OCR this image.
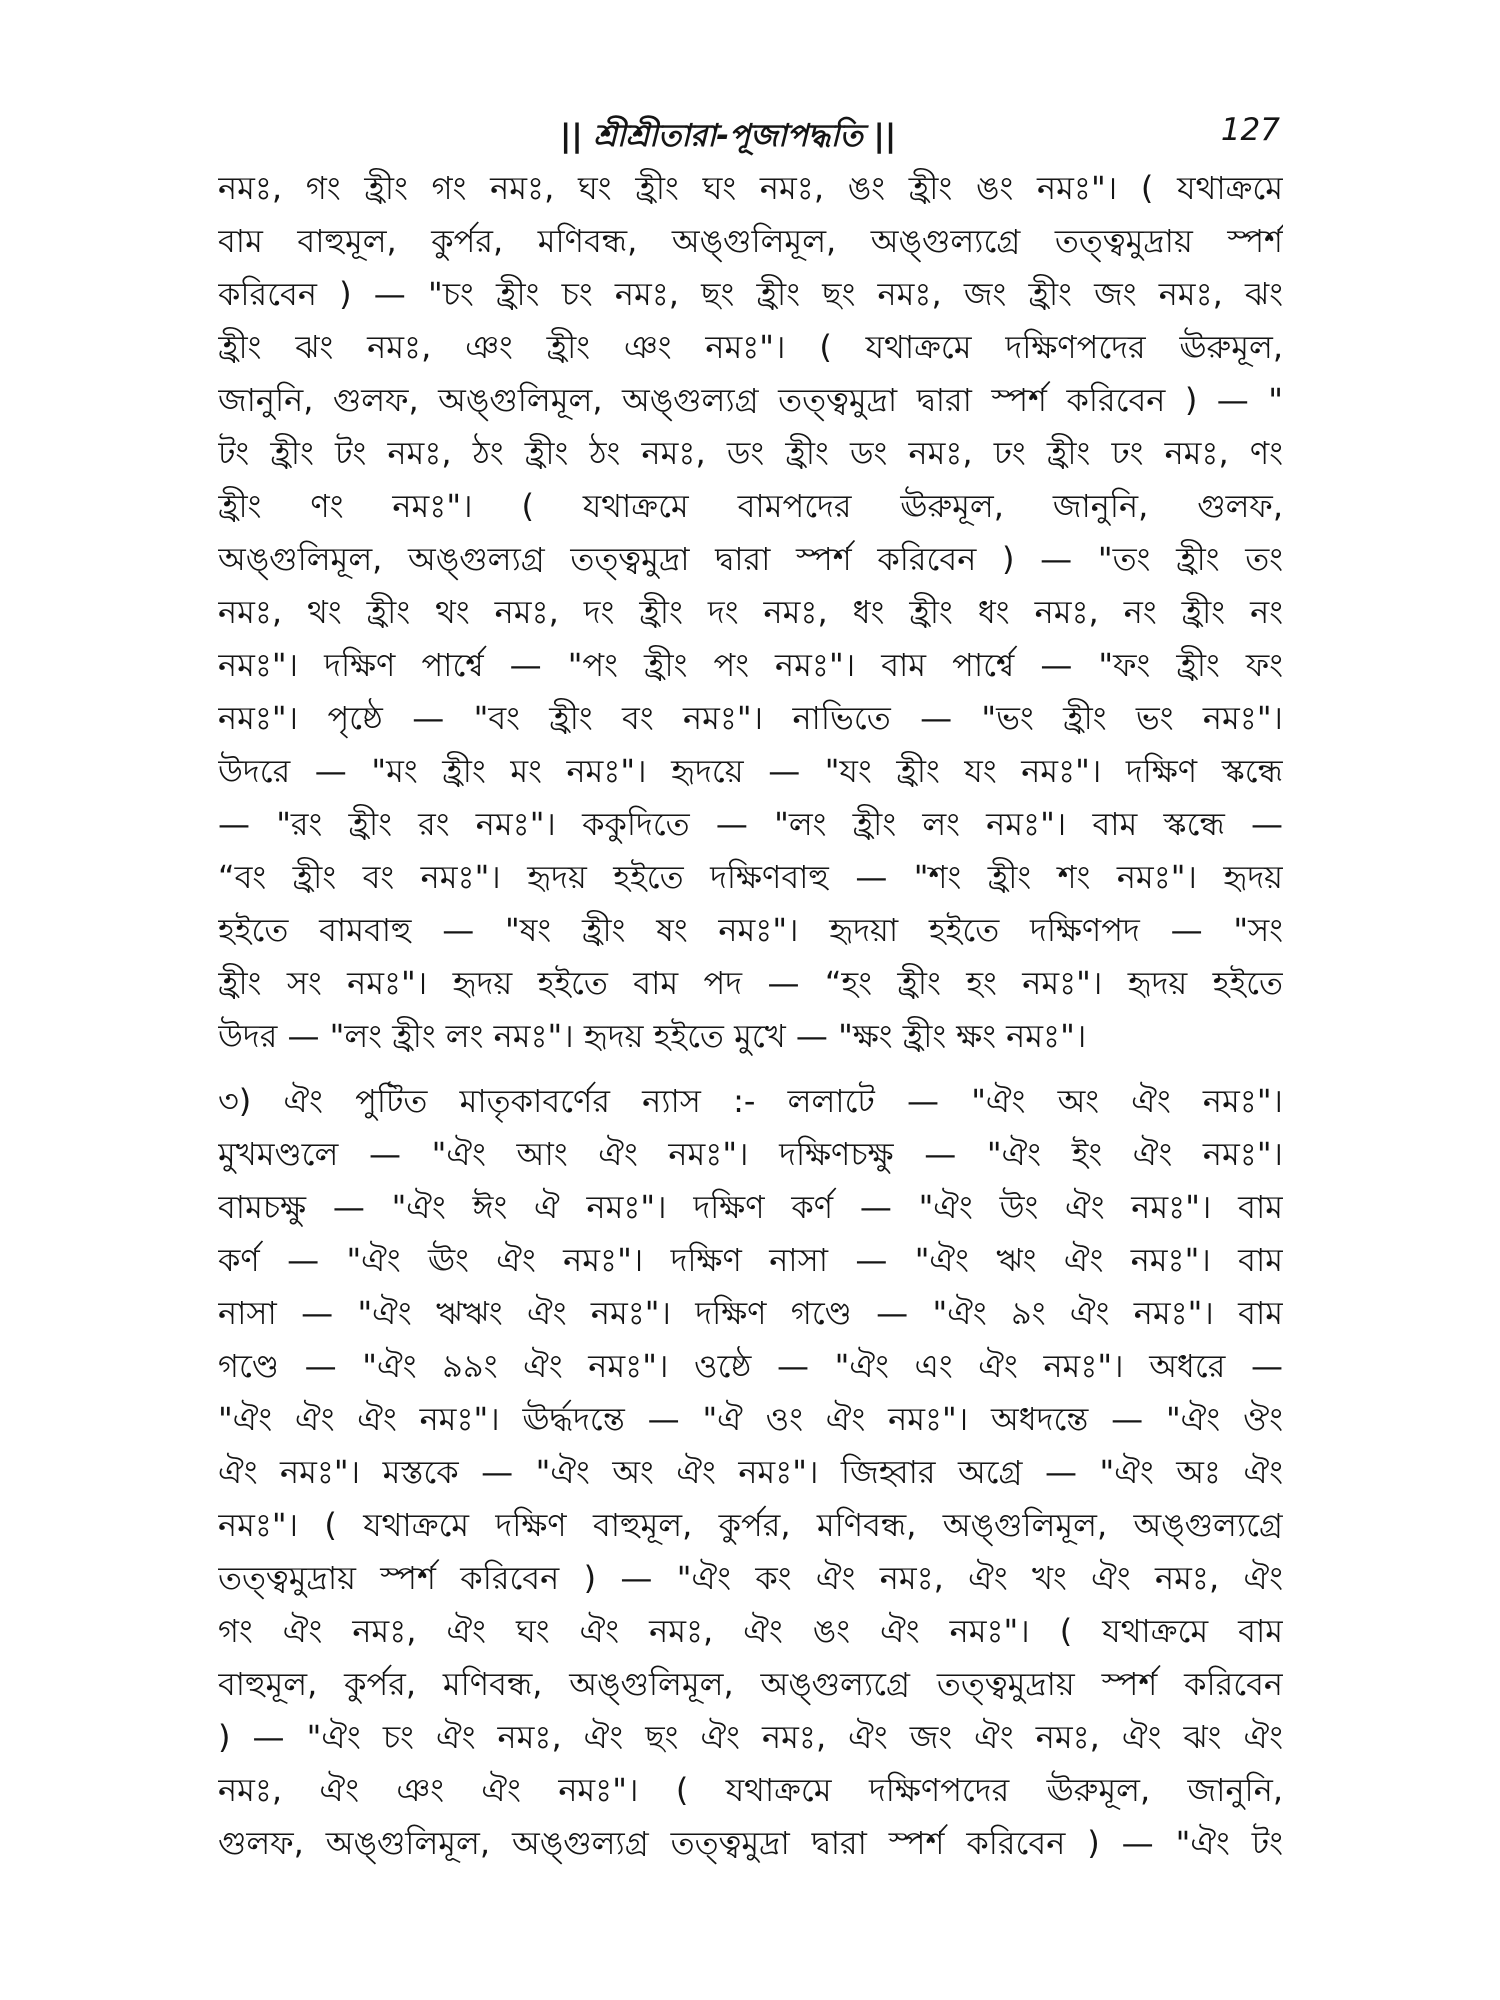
|| শ্রীশ্রীতারা-পূজাপদ্ধতি ||	127
নমঃ, গং হ্রীং গং নমঃ, ঘং হ্রীং ঘং নমঃ, ঙং হ্রীং ঙং নমঃ"। ( যথাক্রমে
বাম বাহুমূল, কুর্পর, মণিবন্ধ, অঙ্গুলিমূল, অঙ্গুল্যগ্রে তত্ত্বমুদ্রায় স্পর্শ
করিবেন ) — "চং হ্রীং চং নমঃ, ছং হ্রীং ছং নমঃ, জং হ্রীং জং নমঃ, ঝং
হ্রীং ঝং নমঃ, ঞং হ্রীং ঞং নমঃ"। ( যথাক্রমে দক্ষিণপদের ঊরুমূল,
জানুনি, গুলফ, অঙ্গুলিমূল, অঙ্গুল্যগ্র তত্ত্বমুদ্রা দ্বারা স্পর্শ করিবেন ) — "
টং হ্রীং টং নমঃ, ঠং হ্রীং ঠং নমঃ, ডং হ্রীং ডং নমঃ, ঢং হ্রীং ঢং নমঃ, ণং
হ্রীং ণং নমঃ"। ( যথাক্রমে বামপদের ঊরুমূল, জানুনি, গুলফ,
অঙ্গুলিমূল, অঙ্গুল্যগ্র তত্ত্বমুদ্রা দ্বারা স্পর্শ করিবেন ) — "তং হ্রীং তং
নমঃ, থং হ্রীং থং নমঃ, দং হ্রীং দং নমঃ, ধং হ্রীং ধং নমঃ, নং হ্রীং নং
নমঃ"। দক্ষিণ পার্শ্বে — "পং হ্রীং পং নমঃ"। বাম পার্শ্বে — "ফং হ্রীং ফং
নমঃ"। পৃষ্ঠে — "বং হ্রীং বং নমঃ"। নাভিতে — "ভং হ্রীং ভং নমঃ"।
উদরে — "মং হ্রীং মং নমঃ"। হৃদয়ে — "যং হ্রীং যং নমঃ"। দক্ষিণ স্কন্ধে
— "রং হ্রীং রং নমঃ"। ককুদিতে — "লং হ্রীং লং নমঃ"। বাম স্কন্ধে —
“বং হ্রীং বং নমঃ"। হৃদয় হইতে দক্ষিণবাহু — "শং হ্রীং শং নমঃ"। হৃদয়
হইতে বামবাহু — "ষং হ্রীং ষং নমঃ"। হৃদয়া হইতে দক্ষিণপদ — "সং
হ্রীং সং নমঃ"। হৃদয় হইতে বাম পদ — “হং হ্রীং হং নমঃ"। হৃদয় হইতে
উদর — "লং হ্রীং লং নমঃ"। হৃদয় হইতে মুখে — "ক্ষং হ্রীং ক্ষং নমঃ"।
৩) ঐং পুটিত মাতৃকাবর্ণের ন্যাস :- ললাটে — "ঐং অং ঐং নমঃ"।
মুখমণ্ডলে — "ঐং আং ঐং নমঃ"। দক্ষিণচক্ষু — "ঐং ইং ঐং নমঃ"।
বামচক্ষু — "ঐং ঈং ঐ নমঃ"। দক্ষিণ কর্ণ — "ঐং উং ঐং নমঃ"। বাম
কর্ণ — "ঐং ঊং ঐং নমঃ"। দক্ষিণ নাসা — "ঐং ঋং ঐং নমঃ"। বাম
নাসা — "ঐং ঋঋং ঐং নমঃ"। দক্ষিণ গণ্ডে — "ঐং ৯ং ঐং নমঃ"। বাম
গণ্ডে — "ঐং ৯৯ং ঐং নমঃ"। ওষ্ঠে — "ঐং এং ঐং নমঃ"। অধরে —
"ঐং ঐং ঐং নমঃ"। ঊর্দ্ধদন্তে — "ঐ ওং ঐং নমঃ"। অধদন্তে — "ঐং ঔং
ঐং নমঃ"। মস্তকে — "ঐং অং ঐং নমঃ"। জিহ্বার অগ্রে — "ঐং অঃ ঐং
নমঃ"। ( যথাক্রমে দক্ষিণ বাহুমূল, কুর্পর, মণিবন্ধ, অঙ্গুলিমূল, অঙ্গুল্যগ্রে
তত্ত্বমুদ্রায় স্পর্শ করিবেন ) — "ঐং কং ঐং নমঃ, ঐং খং ঐং নমঃ, ঐং
গং ঐং নমঃ, ঐং ঘং ঐং নমঃ, ঐং ঙং ঐং নমঃ"। ( যথাক্রমে বাম
বাহুমূল, কুর্পর, মণিবন্ধ, অঙ্গুলিমূল, অঙ্গুল্যগ্রে তত্ত্বমুদ্রায় স্পর্শ করিবেন
) — "ঐং চং ঐং নমঃ, ঐং ছং ঐং নমঃ, ঐং জং ঐং নমঃ, ঐং ঝং ঐং
নমঃ, ঐং ঞং ঐং নমঃ"। ( যথাক্রমে দক্ষিণপদের ঊরুমূল, জানুনি,
গুলফ, অঙ্গুলিমূল, অঙ্গুল্যগ্র তত্ত্বমুদ্রা দ্বারা স্পর্শ করিবেন ) — "ঐং টং
